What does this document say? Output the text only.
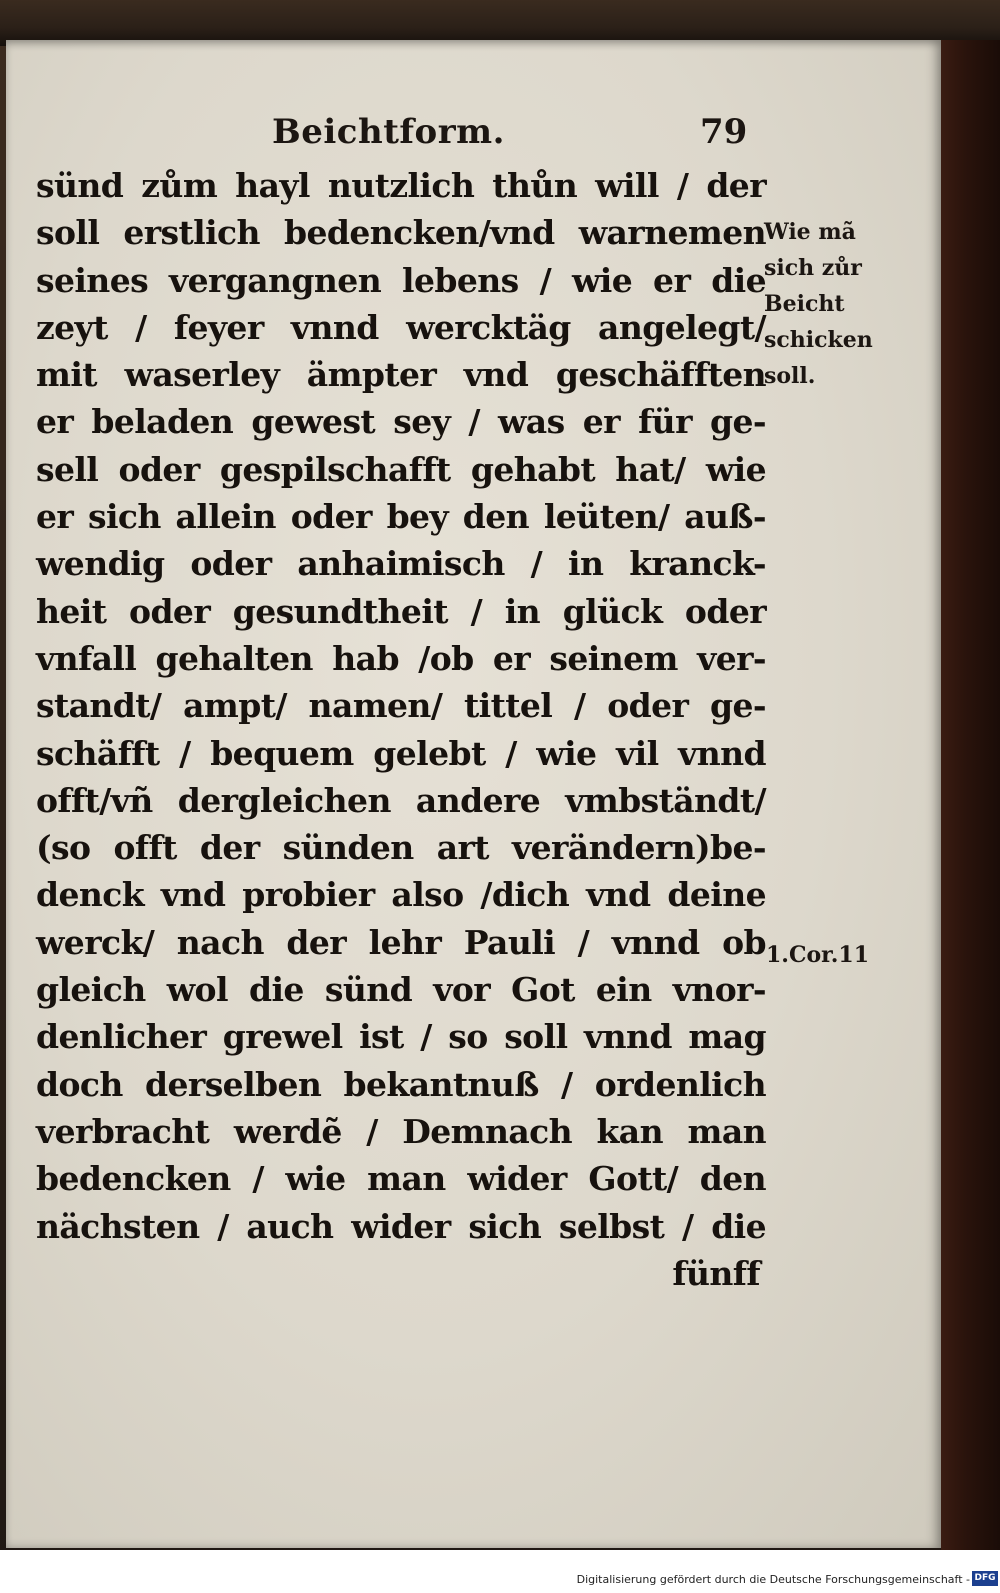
Beichtform.	79
sünd zům hayl nutzlich thůn will / der
soll erstlich bedencken/vnd warnemen
seines vergangnen lebens / wie er die
zeyt / feyer vnnd wercktäg angelegt/
mit waserley ämpter vnd geschäfften
er beladen gewest sey / was er für ge-
sell oder gespilschafft gehabt hat/ wie
er sich allein oder bey den leüten/ auß-
wendig oder anhaimisch / in kranck-
heit oder gesundtheit / in glück oder
vnfall gehalten hab /ob er seinem ver-
standt/ ampt/ namen/ tittel / oder ge-
schäfft / bequem gelebt / wie vil vnnd
offt/vñ dergleichen andere vmbständt/
(so offt der sünden art verändern)be-
denck vnd probier also /dich vnd deine
werck/ nach der lehr Pauli / vnnd ob
gleich wol die sünd vor Got ein vnor-
denlicher grewel ist / so soll vnnd mag
doch derselben bekantnuß / ordenlich
verbracht werdẽ / Demnach kan man
bedencken / wie man wider Gott/ den
nächsten / auch wider sich selbst / die
fünff
Wie mã
sich zůr
Beicht
schicken
soll.
1.Cor.11
Digitalisierung gefördert durch die Deutsche Forschungsgemeinschaft - DFG
